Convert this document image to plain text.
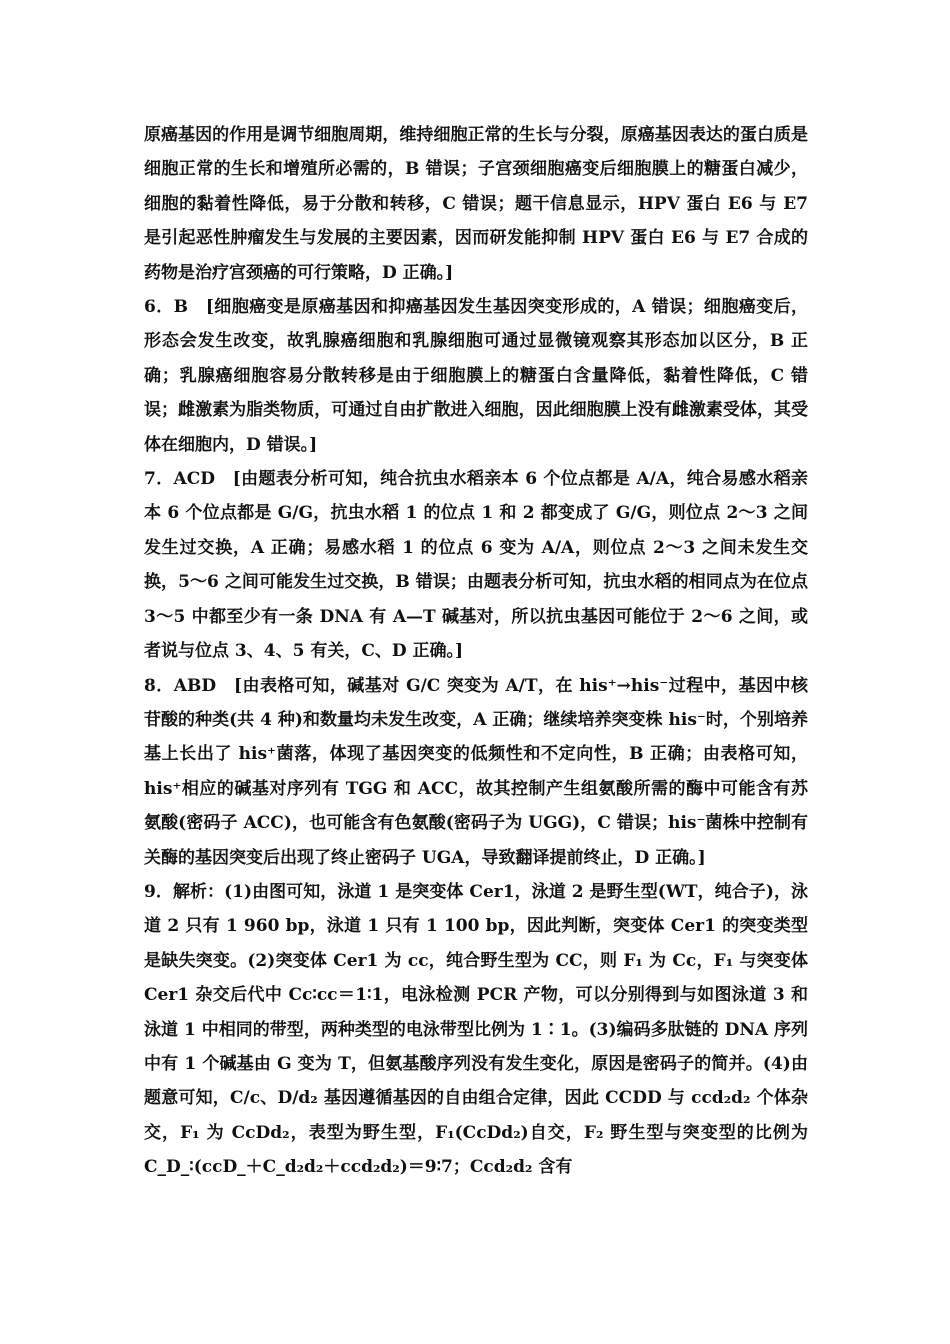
原癌基因的作用是调节细胞周期，维持细胞正常的生长与分裂，原癌基因表达的蛋白质是细胞正常的生长和增殖所必需的，B 错误；子宫颈细胞癌变后细胞膜上的糖蛋白减少，细胞的黏着性降低，易于分散和转移，C 错误；题干信息显示，HPV 蛋白 E6 与 E7 是引起恶性肿瘤发生与发展的主要因素，因而研发能抑制 HPV 蛋白 E6 与 E7 合成的药物是治疗宫颈癌的可行策略，D 正确。]

6．B　[细胞癌变是原癌基因和抑癌基因发生基因突变形成的，A 错误；细胞癌变后，形态会发生改变，故乳腺癌细胞和乳腺细胞可通过显微镜观察其形态加以区分，B 正确；乳腺癌细胞容易分散转移是由于细胞膜上的糖蛋白含量降低，黏着性降低，C 错误；雌激素为脂类物质，可通过自由扩散进入细胞，因此细胞膜上没有雌激素受体，其受体在细胞内，D 错误。]

7．ACD　[由题表分析可知，纯合抗虫水稻亲本 6 个位点都是 A/A，纯合易感水稻亲本 6 个位点都是 G/G，抗虫水稻 1 的位点 1 和 2 都变成了 G/G，则位点 2～3 之间发生过交换，A 正确；易感水稻 1 的位点 6 变为 A/A，则位点 2～3 之间未发生交换，5～6 之间可能发生过交换，B 错误；由题表分析可知，抗虫水稻的相同点为在位点 3～5 中都至少有一条 DNA 有 A—T 碱基对，所以抗虫基因可能位于 2～6 之间，或者说与位点 3、4、5 有关，C、D 正确。]

8．ABD　[由表格可知，碱基对 G/C 突变为 A/T，在 his⁺→his⁻过程中，基因中核苷酸的种类(共 4 种)和数量均未发生改变，A 正确；继续培养突变株 his⁻时，个别培养基上长出了 his⁺菌落，体现了基因突变的低频性和不定向性，B 正确；由表格可知，his⁺相应的碱基对序列有 TGG 和 ACC，故其控制产生组氨酸所需的酶中可能含有苏氨酸(密码子 ACC)，也可能含有色氨酸(密码子为 UGG)，C 错误；his⁻菌株中控制有关酶的基因突变后出现了终止密码子 UGA，导致翻译提前终止，D 正确。]

9．解析：(1)由图可知，泳道 1 是突变体 Cer1，泳道 2 是野生型(WT，纯合子)，泳道 2 只有 1 960 bp，泳道 1 只有 1 100 bp，因此判断，突变体 Cer1 的突变类型是缺失突变。(2)突变体 Cer1 为 cc，纯合野生型为 CC，则 F₁ 为 Cc，F₁ 与突变体 Cer1 杂交后代中 Cc∶cc＝1∶1，电泳检测 PCR 产物，可以分别得到与如图泳道 3 和泳道 1 中相同的带型，两种类型的电泳带型比例为 1∶1。(3)编码多肽链的 DNA 序列中有 1 个碱基由 G 变为 T，但氨基酸序列没有发生变化，原因是密码子的简并。(4)由题意可知，C/c、D/d₂ 基因遵循基因的自由组合定律，因此 CCDD 与 ccd₂d₂ 个体杂交，F₁ 为 CcDd₂，表型为野生型，F₁(CcDd₂)自交，F₂ 野生型与突变型的比例为 C_D_∶(ccD_＋C_d₂d₂＋ccd₂d₂)＝9∶7；Ccd₂d₂ 含有
